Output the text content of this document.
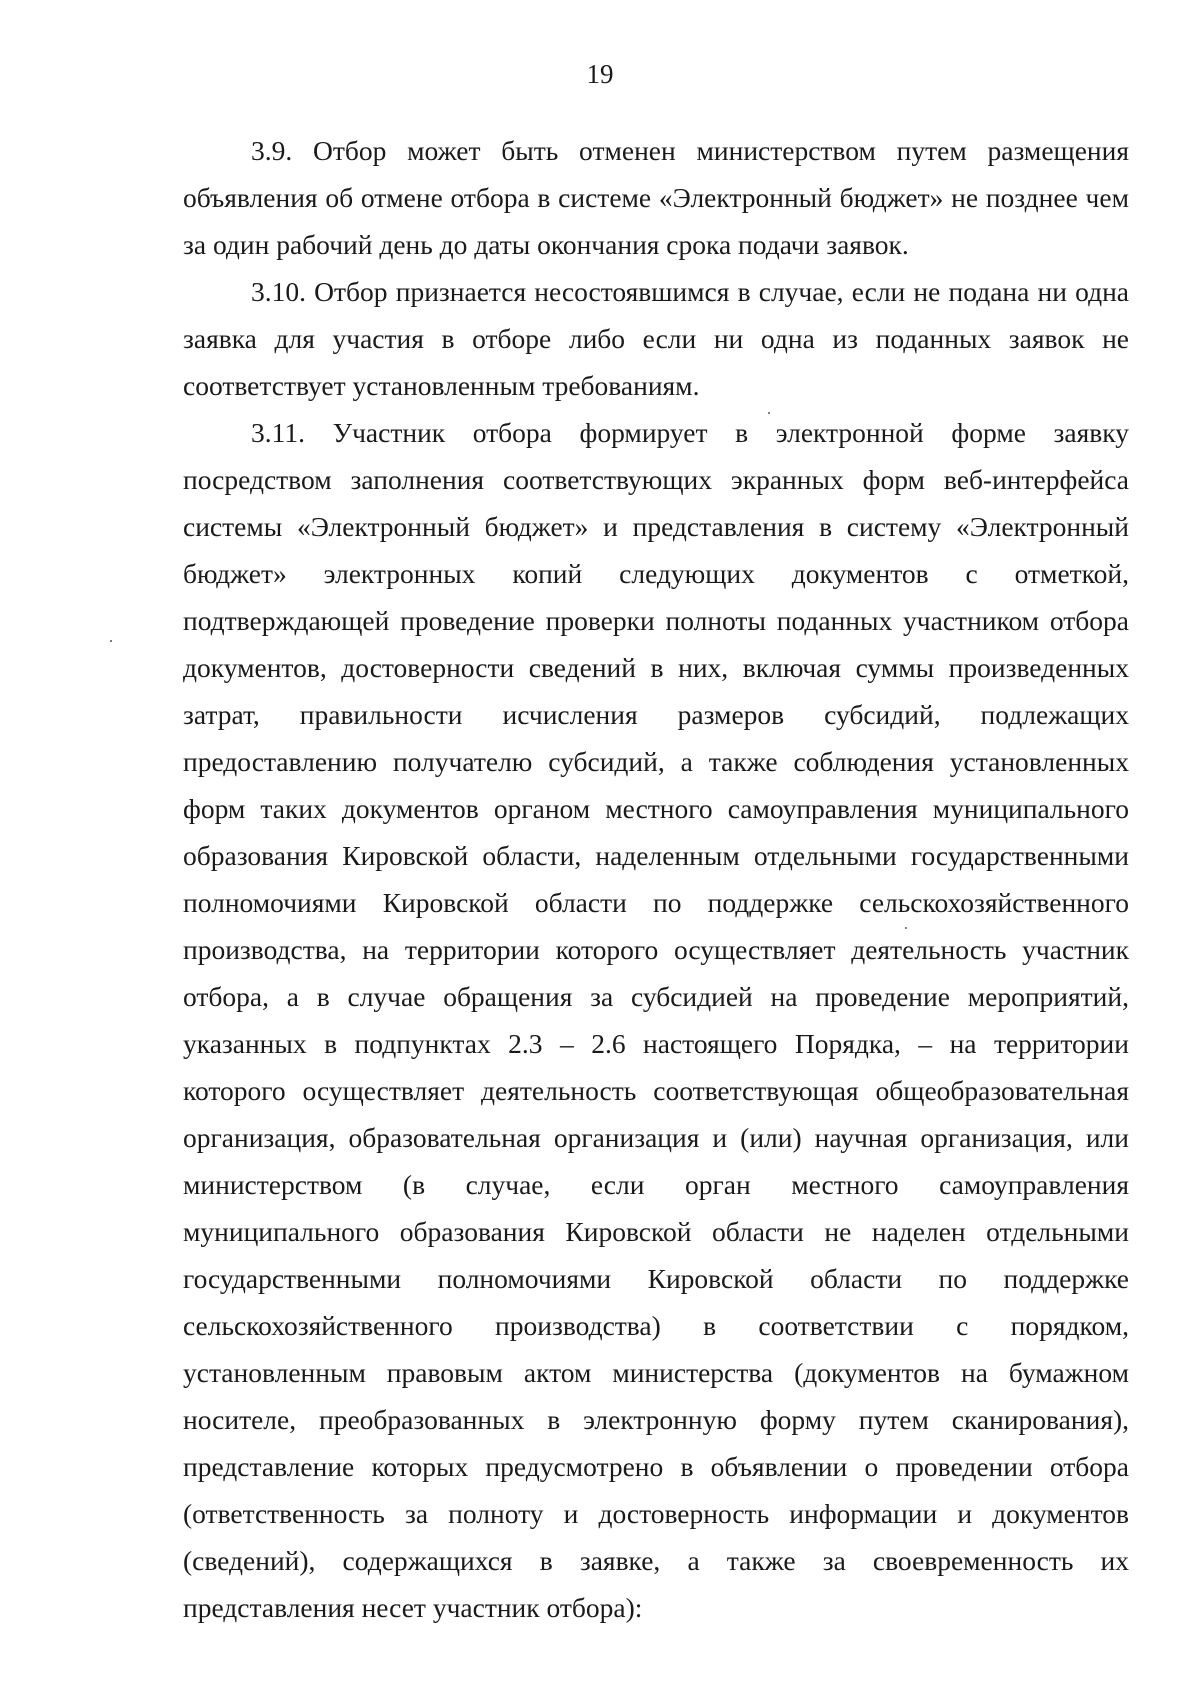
19

3.9. Отбор может быть отменен министерством путем размещения объявления об отмене отбора в системе «Электронный бюджет» не позднее чем за один рабочий день до даты окончания срока подачи заявок.

3.10. Отбор признается несостоявшимся в случае, если не подана ни одна заявка для участия в отборе либо если ни одна из поданных заявок не соответствует установленным требованиям.

3.11. Участник отбора формирует в электронной форме заявку посредством заполнения соответствующих экранных форм веб-интерфейса системы «Электронный бюджет» и представления в систему «Электронный бюджет» электронных копий следующих документов с отметкой, подтверждающей проведение проверки полноты поданных участником отбора документов, достоверности сведений в них, включая суммы произведенных затрат, правильности исчисления размеров субсидий, подлежащих предоставлению получателю субсидий, а также соблюдения установленных форм таких документов органом местного самоуправления муниципального образования Кировской области, наделенным отдельными государственными полномочиями Кировской области по поддержке сельскохозяйственного производства, на территории которого осуществляет деятельность участник отбора, а в случае обращения за субсидией на проведение мероприятий, указанных в подпунктах 2.3 – 2.6 настоящего Порядка, – на территории которого осуществляет деятельность соответствующая общеобразовательная организация, образовательная организация и (или) научная организация, или министерством (в случае, если орган местного самоуправления муниципального образования Кировской области не наделен отдельными государственными полномочиями Кировской области по поддержке сельскохозяйственного производства) в соответствии с порядком, установленным правовым актом министерства (документов на бумажном носителе, преобразованных в электронную форму путем сканирования), представление которых предусмотрено в объявлении о проведении отбора (ответственность за полноту и достоверность информации и документов (сведений), содержащихся в заявке, а также за своевременность их представления несет участник отбора):
